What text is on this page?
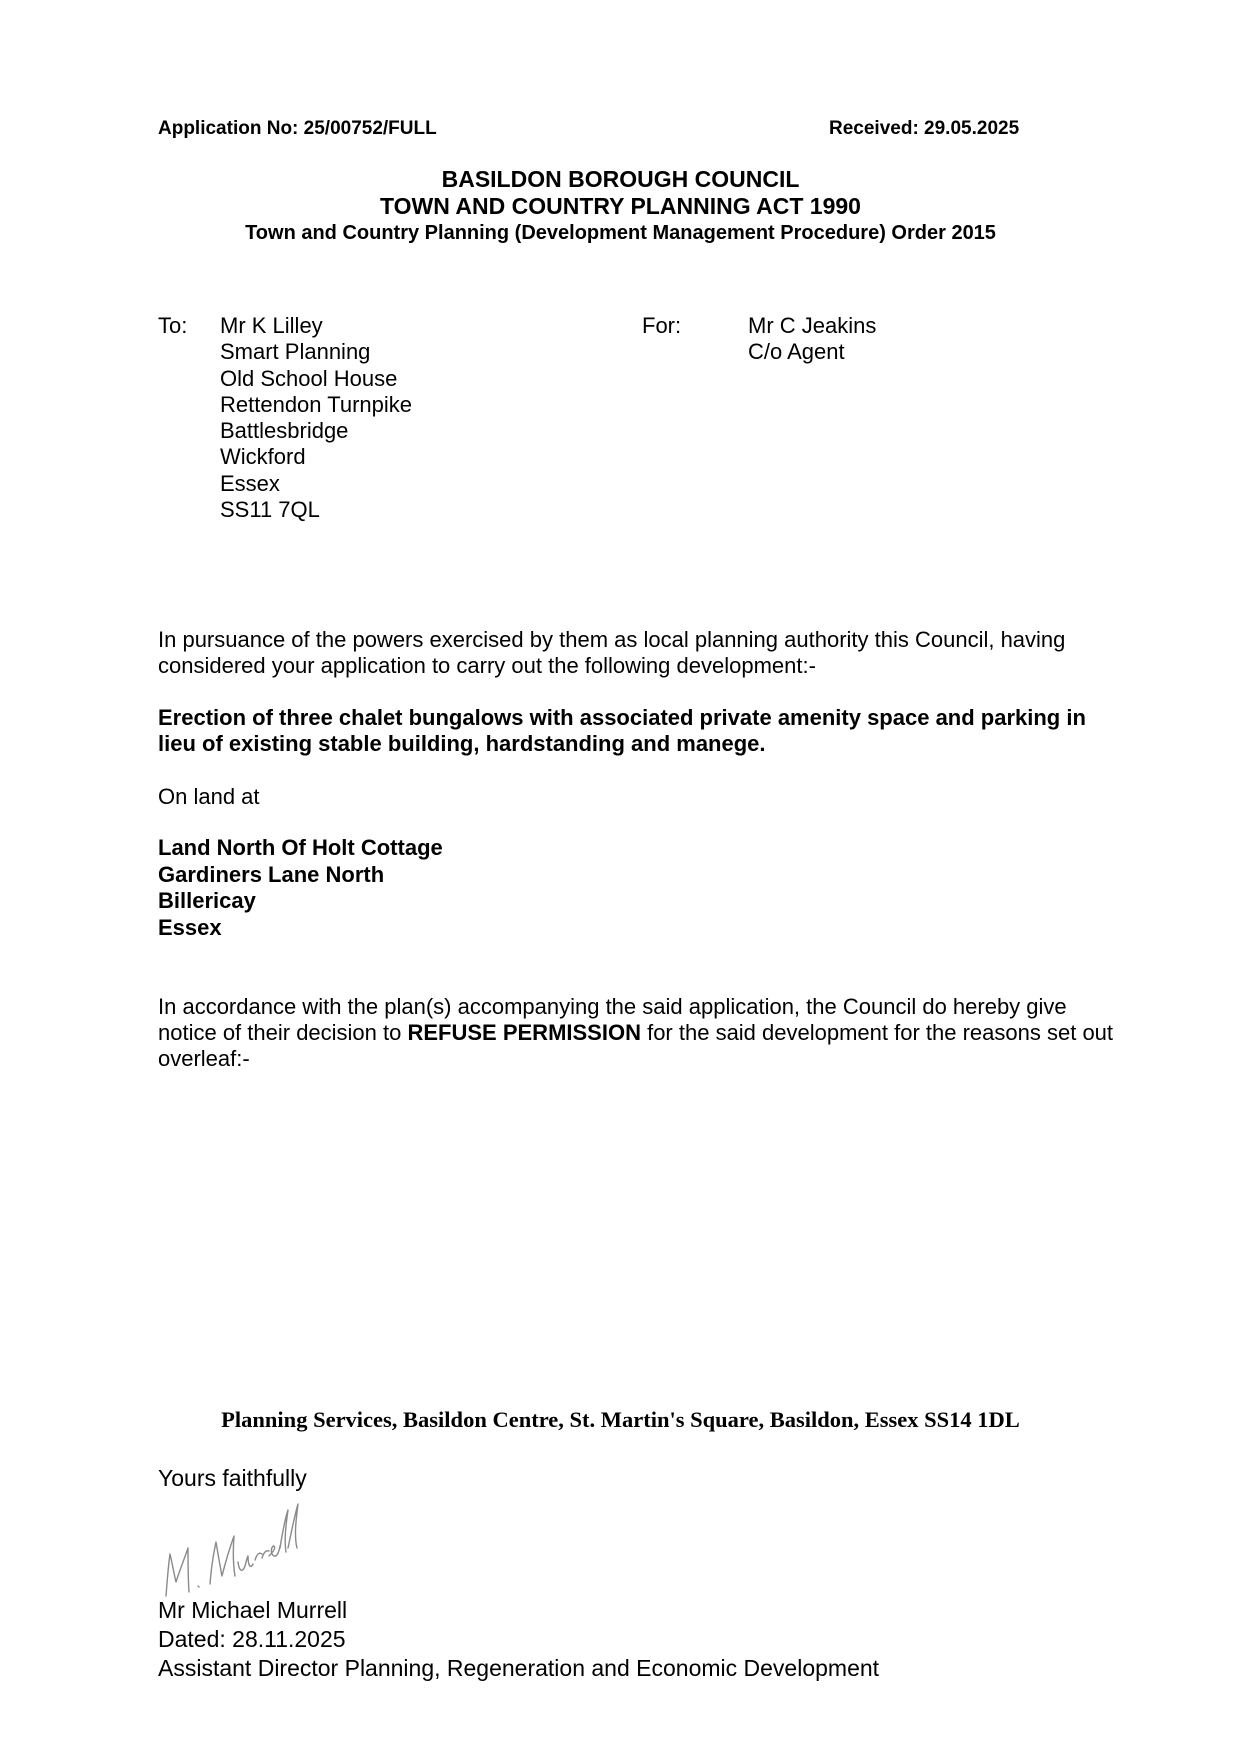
Application No: 25/00752/FULL	Received: 29.05.2025
BASILDON BOROUGH COUNCIL
TOWN AND COUNTRY PLANNING ACT 1990
Town and Country Planning (Development Management Procedure) Order 2015
To: Mr K Lilley
Smart Planning
Old School House
Rettendon Turnpike
Battlesbridge
Wickford
Essex
SS11 7QL
For:	Mr C Jeakins
C/o Agent

In pursuance of the powers exercised by them as local planning authority this Council, having considered your application to carry out the following development:-

Erection of three chalet bungalows with associated private amenity space and parking in lieu of existing stable building, hardstanding and manege.

On land at
Land North Of Holt Cottage
Gardiners Lane North
Billericay
Essex

In accordance with the plan(s) accompanying the said application, the Council do hereby give notice of their decision to REFUSE PERMISSION for the said development for the reasons set out overleaf:-

Planning Services, Basildon Centre, St. Martin's Square, Basildon, Essex SS14 1DL
Yours faithfully
Mr Michael Murrell
Dated: 28.11.2025
Assistant Director Planning, Regeneration and Economic Development
